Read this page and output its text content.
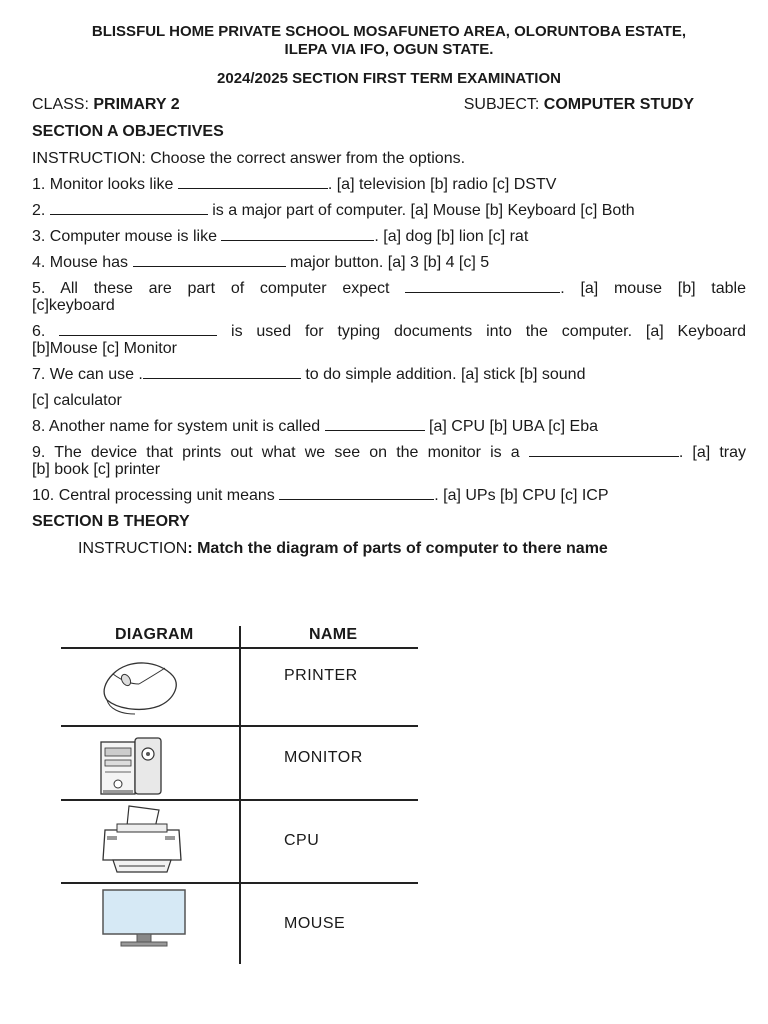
BLISSFUL HOME PRIVATE SCHOOL MOSAFUNETO AREA, OLORUNTOBA ESTATE,
ILEPA VIA IFO, OGUN STATE.
2024/2025 SECTION FIRST TERM EXAMINATION
CLASS: PRIMARY 2	SUBJECT: COMPUTER STUDY
SECTION A OBJECTIVES
INSTRUCTION: Choose the correct answer from the options.
1. Monitor looks like	. [a] television [b] radio [c] DSTV
2.	is a major part of computer. [a] Mouse [b] Keyboard [c] Both
3. Computer mouse is like	. [a] dog [b] lion [c] rat
4. Mouse has	major button. [a] 3 [b] 4 [c] 5
5. All these are part of computer expect	. [a] mouse [b] table
[c]keyboard
6.	is used for typing documents into the computer. [a] Keyboard
[b]Mouse [c] Monitor
7. We can use .	to do simple addition. [a] stick [b] sound
[c] calculator
8. Another name for system unit is called	[a] CPU [b] UBA [c] Eba
9. The device that prints out what we see on the monitor is a	. [a] tray
[b] book [c] printer
10. Central processing unit means	. [a] UPs [b] CPU [c] ICP
SECTION B THEORY
INSTRUCTION: Match the diagram of parts of computer to there name
DIAGRAM	NAME
PRINTER
MONITOR
CPU
MOUSE
